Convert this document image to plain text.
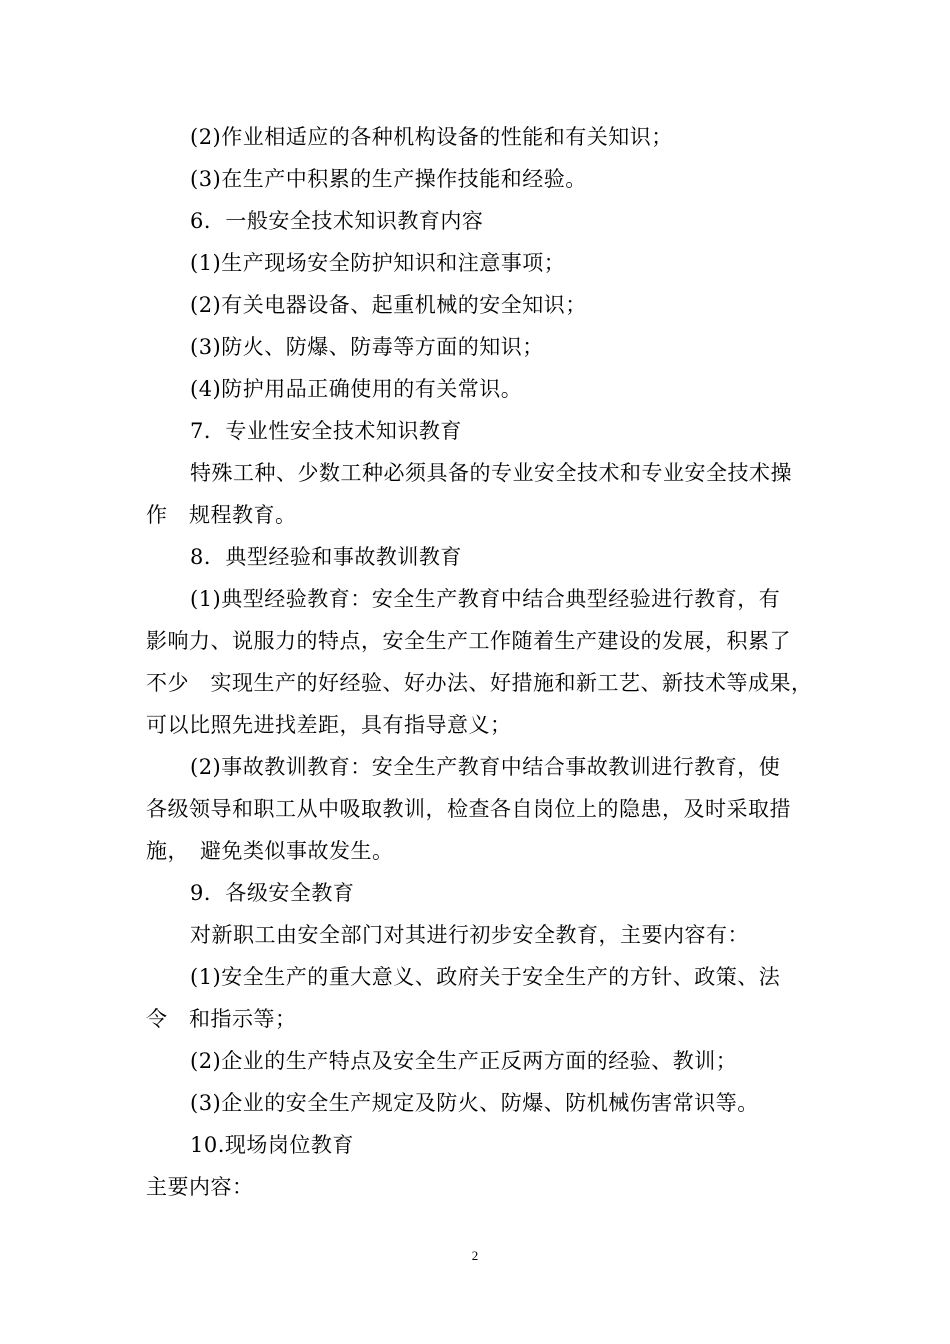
(2)作业相适应的各种机构设备的性能和有关知识；
(3)在生产中积累的生产操作技能和经验。
6．一般安全技术知识教育内容
(1)生产现场安全防护知识和注意事项；
(2)有关电器设备、起重机械的安全知识；
(3)防火、防爆、防毒等方面的知识；
(4)防护用品正确使用的有关常识。
7．专业性安全技术知识教育
特殊工种、少数工种必须具备的专业安全技术和专业安全技术操
作　规程教育。
8．典型经验和事故教训教育
(1)典型经验教育：安全生产教育中结合典型经验进行教育，有
影响力、说服力的特点，安全生产工作随着生产建设的发展，积累了
不少　实现生产的好经验、好办法、好措施和新工艺、新技术等成果，
可以比照先进找差距，具有指导意义；
(2)事故教训教育：安全生产教育中结合事故教训进行教育，使
各级领导和职工从中吸取教训，检查各自岗位上的隐患，及时采取措
施，　避免类似事故发生。
9．各级安全教育
对新职工由安全部门对其进行初步安全教育，主要内容有：
(1)安全生产的重大意义、政府关于安全生产的方针、政策、法
令　和指示等；
(2)企业的生产特点及安全生产正反两方面的经验、教训；
(3)企业的安全生产规定及防火、防爆、防机械伤害常识等。
10.现场岗位教育
主要内容：
2
